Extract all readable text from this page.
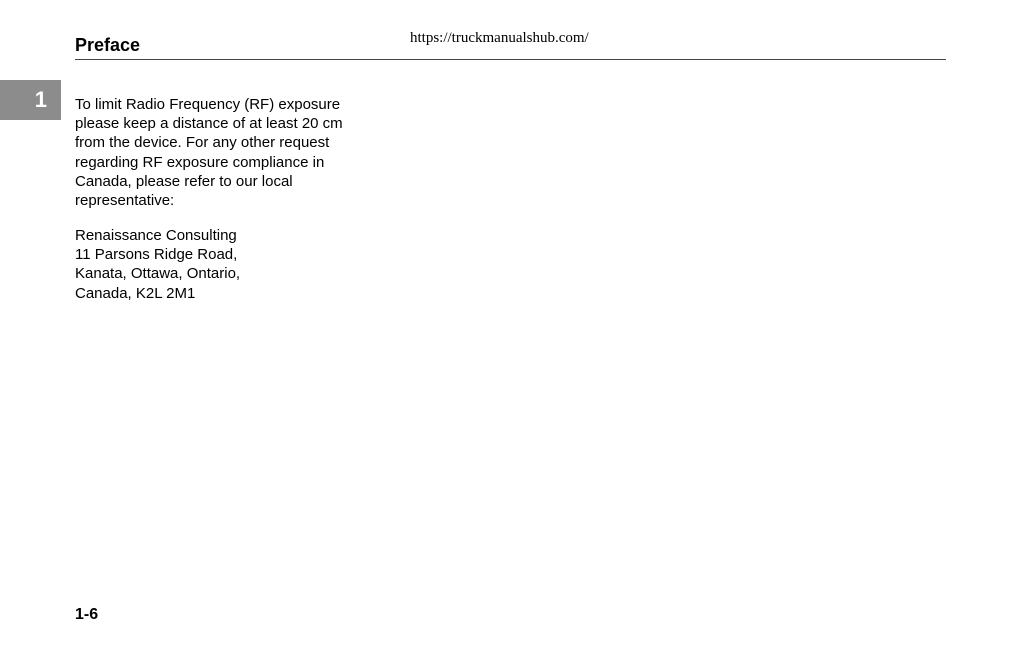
Preface	https://truckmanualshub.com/
1	To limit Radio Frequency (RF) exposure please keep a distance of at least 20 cm from the device. For any other request regarding RF exposure compliance in Canada, please refer to our local representative:

Renaissance Consulting
11 Parsons Ridge Road,
Kanata, Ottawa, Ontario,
Canada, K2L 2M1
1-6
